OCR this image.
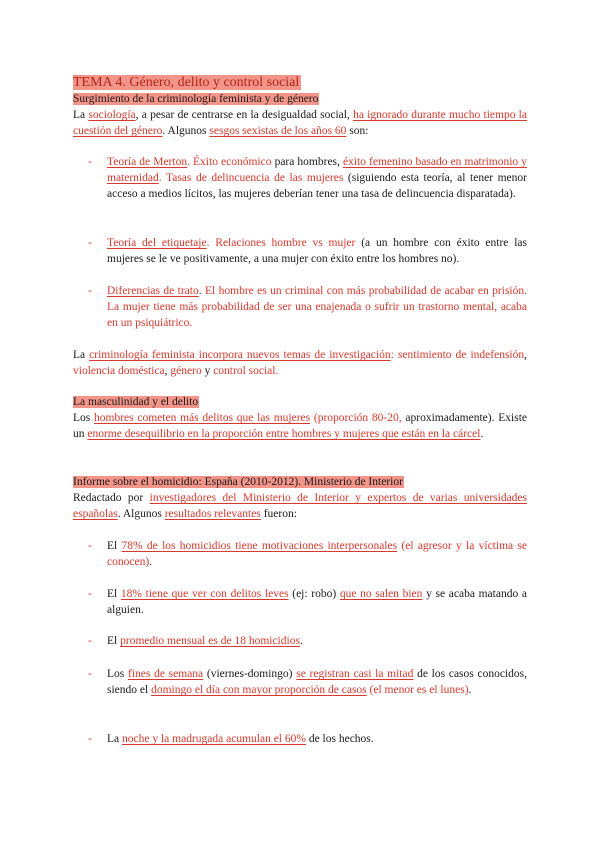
TEMA 4. Género, delito y control social
Surgimiento de la criminología feminista y de género

La sociología, a pesar de centrarse en la desigualdad social, ha ignorado durante mucho tiempo la cuestión del género. Algunos sesgos sexistas de los años 60 son:

-	Teoría de Merton. Éxito económico para hombres, éxito femenino basado en matrimonio y maternidad. Tasas de delincuencia de las mujeres (siguiendo esta teoría, al tener menor acceso a medios lícitos, las mujeres deberían tener una tasa de delincuencia disparatada).
-	Teoría del etiquetaje. Relaciones hombre vs mujer (a un hombre con éxito entre las mujeres se le ve positivamente, a una mujer con éxito entre los hombres no).
-	Diferencias de trato. El hombre es un criminal con más probabilidad de acabar en prisión. La mujer tiene más probabilidad de ser una enajenada o sufrir un trastorno mental, acaba en un psiquiátrico.

La criminología feminista incorpora nuevos temas de investigación: sentimiento de indefensión, violencia doméstica, género y control social.

La masculinidad y el delito

Los hombres cometen más delitos que las mujeres (proporción 80-20, aproximadamente). Existe un enorme desequilibrio en la proporción entre hombres y mujeres que están en la cárcel.

Informe sobre el homicidio: España (2010-2012). Ministerio de Interior

Redactado por investigadores del Ministerio de Interior y expertos de varias universidades españolas. Algunos resultados relevantes fueron:

-	El 78% de los homicidios tiene motivaciones interpersonales (el agresor y la víctima se conocen).
-	El 18% tiene que ver con delitos leves (ej: robo) que no salen bien y se acaba matando a alguien.
-	El promedio mensual es de 18 homicidios.
-	Los fines de semana (viernes-domingo) se registran casi la mitad de los casos conocidos, siendo el domingo el día con mayor proporción de casos (el menor es el lunes).
-	La noche y la madrugada acumulan el 60% de los hechos.
